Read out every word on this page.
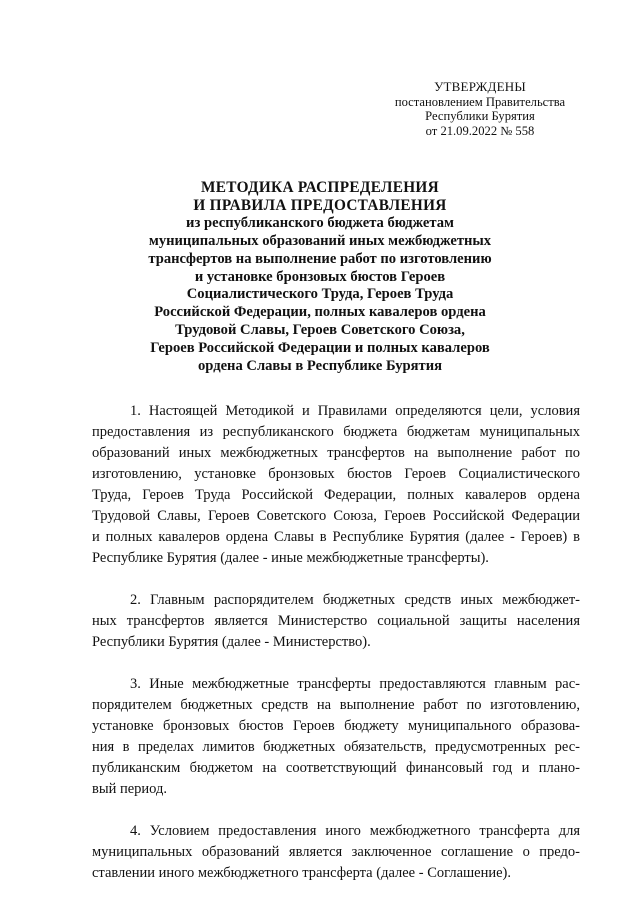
УТВЕРЖДЕНЫ
постановлением Правительства
Республики Бурятия
от 21.09.2022 № 558
МЕТОДИКА РАСПРЕДЕЛЕНИЯ
И ПРАВИЛА ПРЕДОСТАВЛЕНИЯ
из республиканского бюджета бюджетам
муниципальных образований иных межбюджетных
трансфертов на выполнение работ по изготовлению
и установке бронзовых бюстов Героев
Социалистического Труда, Героев Труда
Российской Федерации, полных кавалеров ордена
Трудовой Славы, Героев Советского Союза,
Героев Российской Федерации и полных кавалеров
ордена Славы в Республике Бурятия
1. Настоящей Методикой и Правилами определяются цели, условия
предоставления из республиканского бюджета бюджетам муниципальных
образований иных межбюджетных трансфертов на выполнение работ по
изготовлению, установке бронзовых бюстов Героев Социалистического
Труда, Героев Труда Российской Федерации, полных кавалеров ордена
Трудовой Славы, Героев Советского Союза, Героев Российской Федерации
и полных кавалеров ордена Славы в Республике Бурятия (далее - Героев) в
Республике Бурятия (далее - иные межбюджетные трансферты).
2. Главным распорядителем бюджетных средств иных межбюджет-
ных трансфертов является Министерство социальной защиты населения
Республики Бурятия (далее - Министерство).
3. Иные межбюджетные трансферты предоставляются главным рас-
порядителем бюджетных средств на выполнение работ по изготовлению,
установке бронзовых бюстов Героев бюджету муниципального образова-
ния в пределах лимитов бюджетных обязательств, предусмотренных рес-
публиканским бюджетом на соответствующий финансовый год и плано-
вый период.
4. Условием предоставления иного межбюджетного трансферта для
муниципальных образований является заключенное соглашение о предо-
ставлении иного межбюджетного трансферта (далее - Соглашение).
